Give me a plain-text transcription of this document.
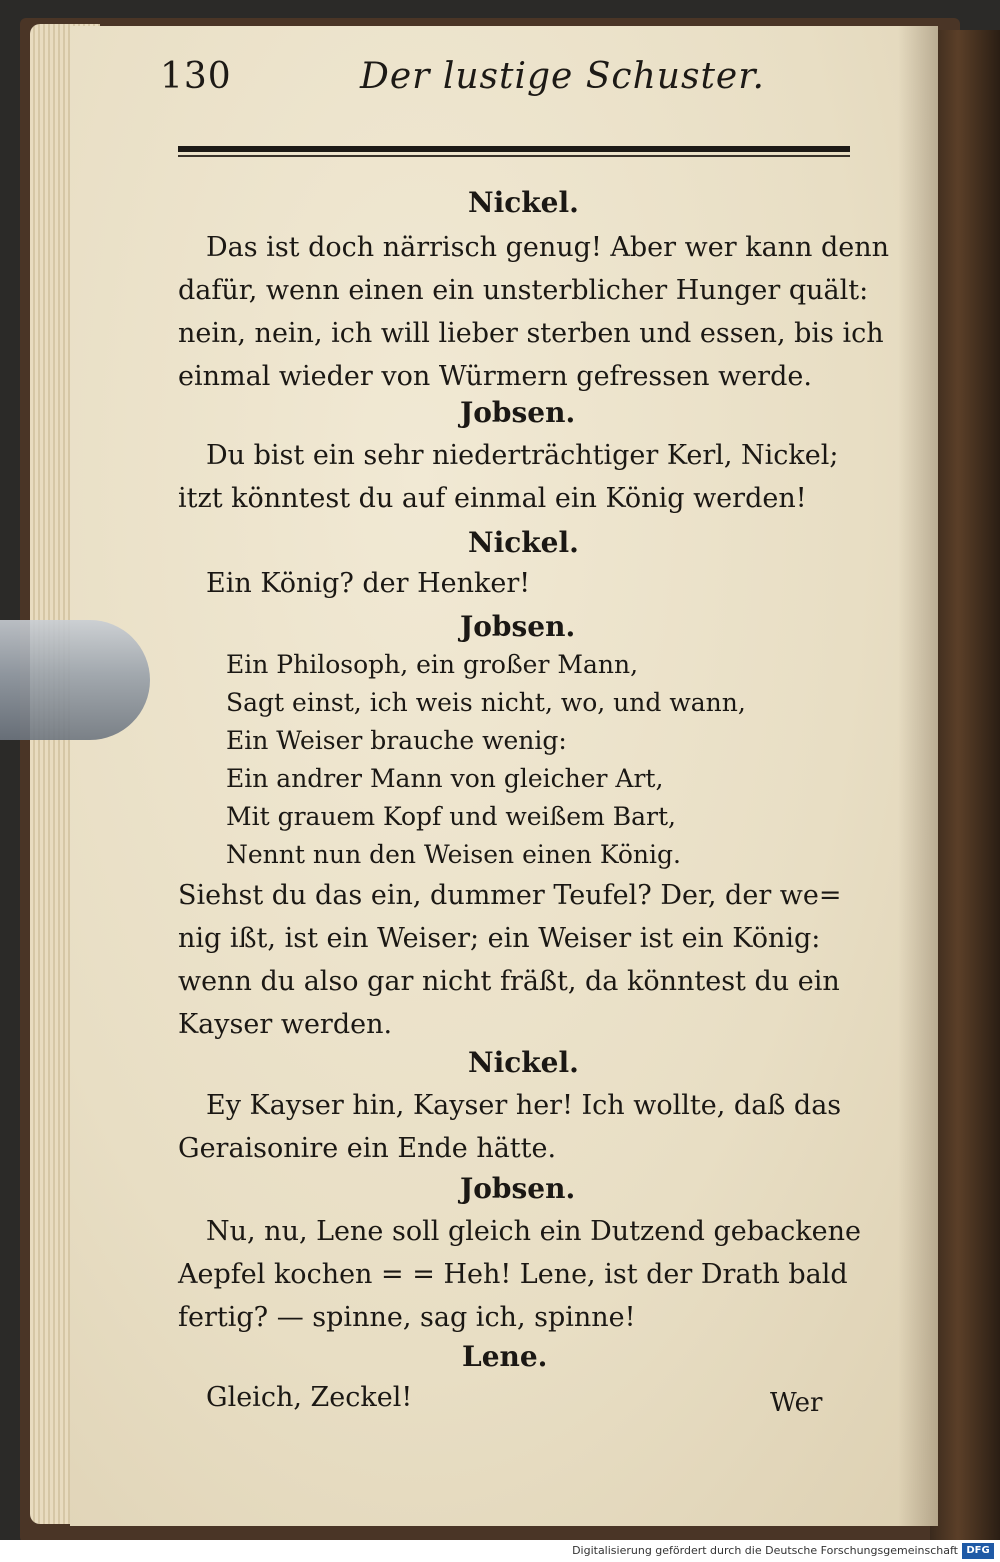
130	Der lustige Schuster.
Nickel.
Das ist doch närrisch genug! Aber wer kann denn
dafür, wenn einen ein unsterblicher Hunger quält:
nein, nein, ich will lieber sterben und essen, bis ich
einmal wieder von Würmern gefressen werde.
Jobsen.
Du bist ein sehr niederträchtiger Kerl, Nickel;
itzt könntest du auf einmal ein König werden!
Nickel.
Ein König? der Henker!
Jobsen.
Ein Philosoph, ein großer Mann,
Sagt einst, ich weis nicht, wo, und wann,
Ein Weiser brauche wenig:
Ein andrer Mann von gleicher Art,
Mit grauem Kopf und weißem Bart,
Nennt nun den Weisen einen König.
Siehst du das ein, dummer Teufel? Der, der we=
nig ißt, ist ein Weiser; ein Weiser ist ein König:
wenn du also gar nicht fräßt, da könntest du ein
Kayser werden.
Nickel.
Ey Kayser hin, Kayser her! Ich wollte, daß das
Geraisonire ein Ende hätte.
Jobsen.
Nu, nu, Lene soll gleich ein Dutzend gebackene
Aepfel kochen = = Heh! Lene, ist der Drath bald
fertig? — spinne, sag ich, spinne!
Lene.
Gleich, Zeckel!	Wer
Digitalisierung gefördert durch die Deutsche Forschungsgemeinschaft DFG
